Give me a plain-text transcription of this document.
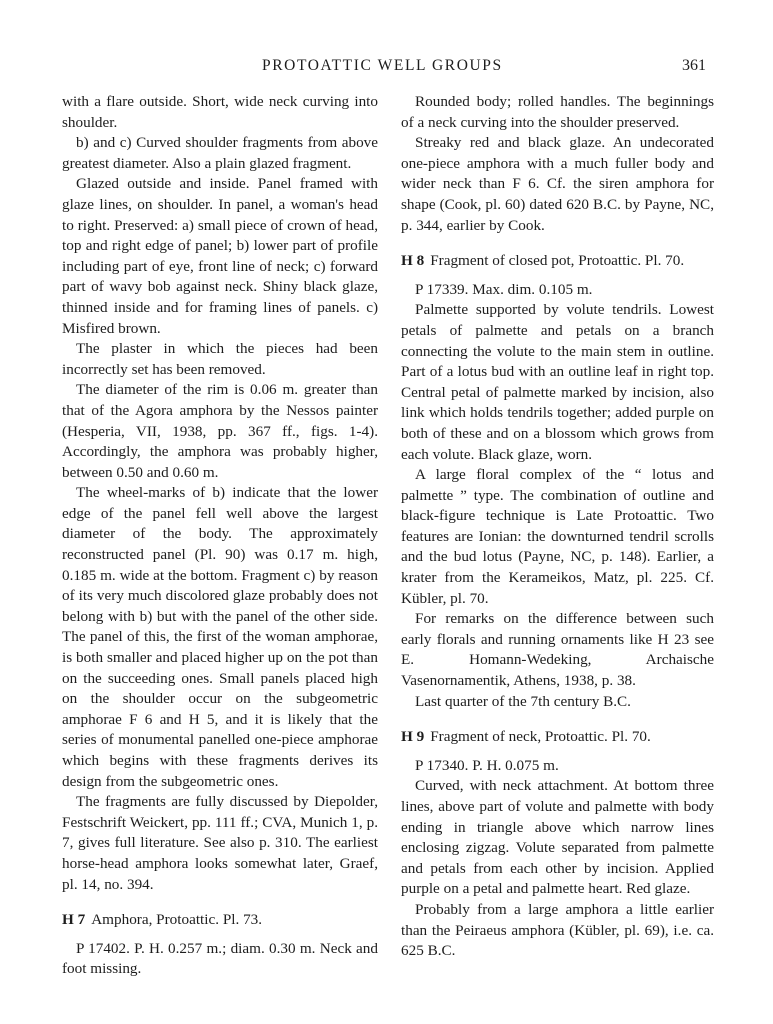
PROTOATTIC WELL GROUPS	361

with a flare outside. Short, wide neck curving into shoulder.

b) and c) Curved shoulder fragments from above greatest diameter. Also a plain glazed fragment.

Glazed outside and inside. Panel framed with glaze lines, on shoulder. In panel, a woman's head to right. Preserved: a) small piece of crown of head, top and right edge of panel; b) lower part of profile including part of eye, front line of neck; c) forward part of wavy bob against neck. Shiny black glaze, thinned inside and for framing lines of panels. c) Misfired brown.

The plaster in which the pieces had been incorrectly set has been removed.

The diameter of the rim is 0.06 m. greater than that of the Agora amphora by the Nessos painter (Hesperia, VII, 1938, pp. 367 ff., figs. 1-4). Accordingly, the amphora was probably higher, between 0.50 and 0.60 m.

The wheel-marks of b) indicate that the lower edge of the panel fell well above the largest diameter of the body. The approximately reconstructed panel (Pl. 90) was 0.17 m. high, 0.185 m. wide at the bottom. Fragment c) by reason of its very much discolored glaze probably does not belong with b) but with the panel of the other side. The panel of this, the first of the woman amphorae, is both smaller and placed higher up on the pot than on the succeeding ones. Small panels placed high on the shoulder occur on the subgeometric amphorae F 6 and H 5, and it is likely that the series of monumental panelled one-piece amphorae which begins with these fragments derives its design from the subgeometric ones.

The fragments are fully discussed by Diepolder, Festschrift Weickert, pp. 111 ff.; CVA, Munich 1, p. 7, gives full literature. See also p. 310. The earliest horse-head amphora looks somewhat later, Graef, pl. 14, no. 394.

H 7 Amphora, Protoattic. Pl. 73.

P 17402. P. H. 0.257 m.; diam. 0.30 m. Neck and foot missing.

Rounded body; rolled handles. The beginnings of a neck curving into the shoulder preserved.

Streaky red and black glaze. An undecorated one-piece amphora with a much fuller body and wider neck than F 6. Cf. the siren amphora for shape (Cook, pl. 60) dated 620 B.C. by Payne, NC, p. 344, earlier by Cook.

H 8 Fragment of closed pot, Protoattic. Pl. 70.

P 17339. Max. dim. 0.105 m.

Palmette supported by volute tendrils. Lowest petals of palmette and petals on a branch connecting the volute to the main stem in outline. Part of a lotus bud with an outline leaf in right top. Central petal of palmette marked by incision, also link which holds tendrils together; added purple on both of these and on a blossom which grows from each volute. Black glaze, worn.

A large floral complex of the “ lotus and palmette ” type. The combination of outline and black-figure technique is Late Protoattic. Two features are Ionian: the downturned tendril scrolls and the bud lotus (Payne, NC, p. 148). Earlier, a krater from the Kerameikos, Matz, pl. 225. Cf. Kübler, pl. 70.

For remarks on the difference between such early florals and running ornaments like H 23 see E. Homann-Wedeking, Archaische Vasenornamentik, Athens, 1938, p. 38.

Last quarter of the 7th century B.C.

H 9 Fragment of neck, Protoattic. Pl. 70.

P 17340. P. H. 0.075 m.

Curved, with neck attachment. At bottom three lines, above part of volute and palmette with body ending in triangle above which narrow lines enclosing zigzag. Volute separated from palmette and petals from each other by incision. Applied purple on a petal and palmette heart. Red glaze.

Probably from a large amphora a little earlier than the Peiraeus amphora (Kübler, pl. 69), i.e. ca. 625 B.C.
